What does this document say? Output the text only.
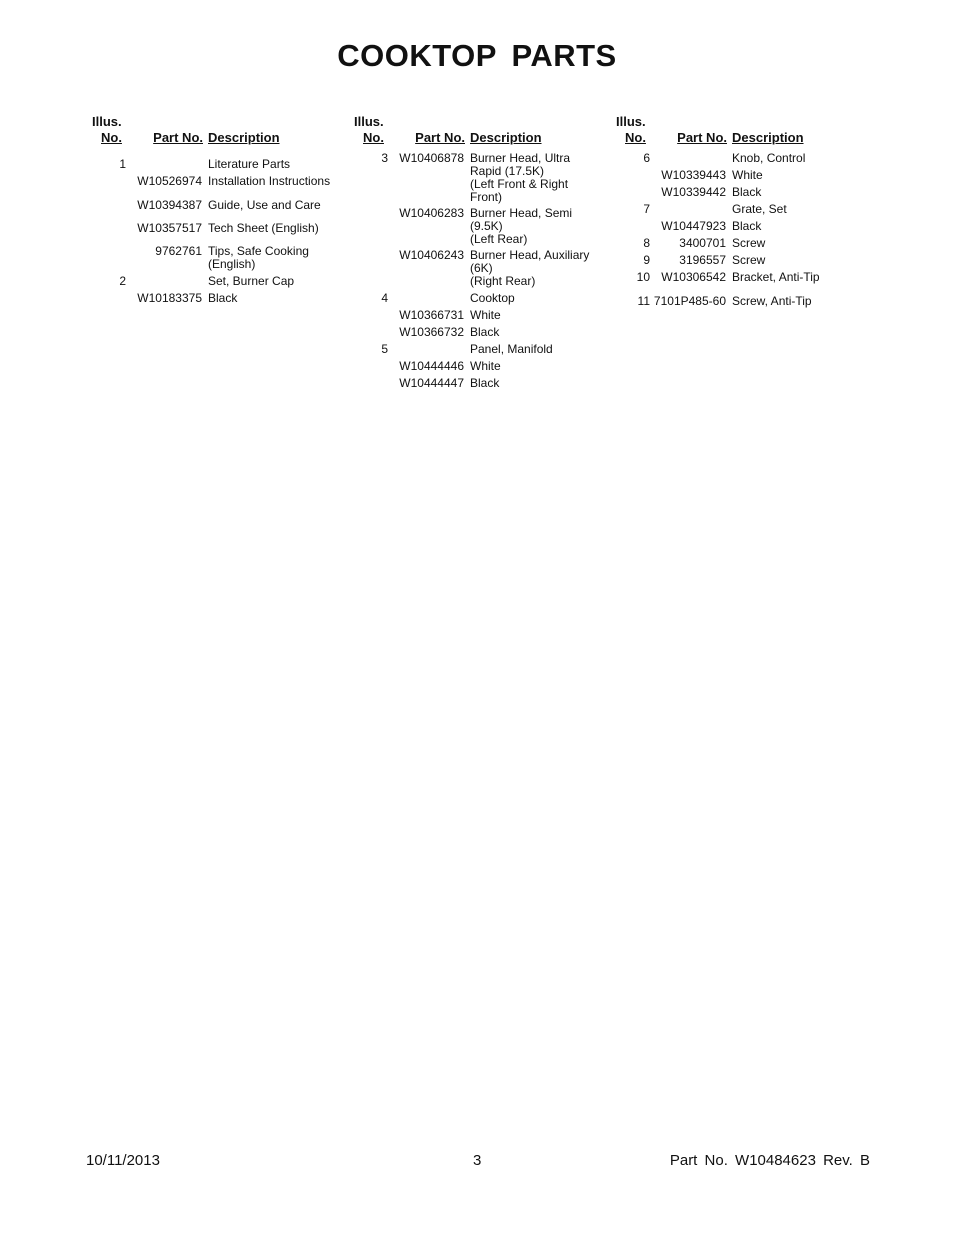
COOKTOP PARTS
Illus.
No. Part No. Description
1	Literature Parts
W10526974 Installation Instructions
W10394387 Guide, Use and Care
W10357517 Tech Sheet (English)
9762761 Tips, Safe Cooking
(English)
2	Set, Burner Cap
W10183375 Black
Illus.
No. Part No. Description
3 W10406878 Burner Head, Ultra
Rapid (17.5K)
(Left Front & Right
Front)
W10406283 Burner Head, Semi
(9.5K)
(Left Rear)
W10406243 Burner Head, Auxiliary
(6K)
(Right Rear)
4	Cooktop
W10366731 White
W10366732 Black
5	Panel, Manifold
W10444446 White
W10444447 Black
Illus.
No. Part No. Description
6	Knob, Control
W10339443 White
W10339442 Black
7	Grate, Set
W10447923 Black
8 3400701 Screw
9 3196557 Screw
10 W10306542 Bracket, Anti-Tip
11 7101P485-60 Screw, Anti-Tip
10/11/2013	3	Part No. W10484623 Rev. B
